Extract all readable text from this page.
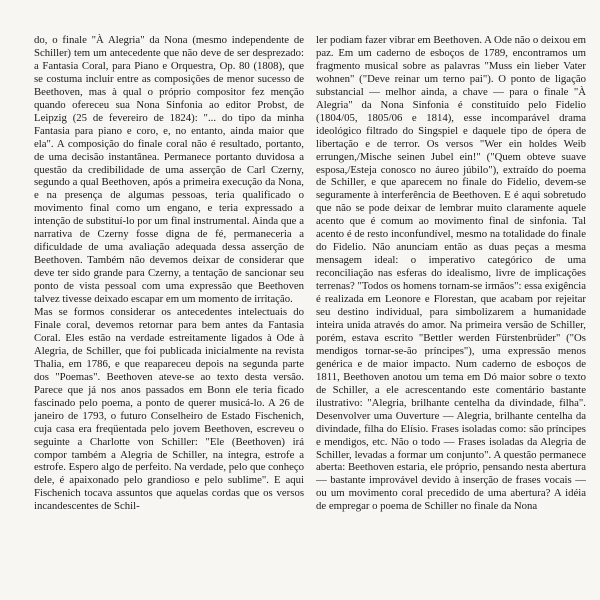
do, o finale "À Alegria" da Nona (mesmo independente de Schiller) tem um antecedente que não deve de ser desprezado: a Fantasia Coral, para Piano e Orquestra, Op. 80 (1808), que se costuma incluir entre as composições de menor sucesso de Beethoven, mas à qual o próprio compositor fez menção quando ofereceu sua Nona Sinfonia ao editor Probst, de Leipzig (25 de fevereiro de 1824): "... do tipo da minha Fantasia para piano e coro, e, no entanto, ainda maior que ela". A composição do finale coral não é resultado, portanto, de uma decisão instantânea. Permanece portanto duvidosa a questão da credibilidade de uma asserção de Carl Czerny, segundo a qual Beethoven, após a primeira execução da Nona, e na presença de algumas pessoas, teria qualificado o movimento final como um engano, e teria expressado a intenção de substituí-lo por um final instrumental. Ainda que a narrativa de Czerny fosse digna de fé, permaneceria a dificuldade de uma avaliação adequada dessa asserção de Beethoven. Também não devemos deixar de considerar que deve ter sido grande para Czerny, a tentação de sancionar seu ponto de vista pessoal com uma expressão que Beethoven talvez tivesse deixado escapar em um momento de irritação.

Mas se formos considerar os antecedentes intelectuais do Finale coral, devemos retornar para bem antes da Fantasia Coral. Eles estão na verdade estreitamente ligados à Ode à Alegria, de Schiller, que foi publicada inicialmente na revista Thalia, em 1786, e que reapareceu depois na segunda parte dos "Poemas". Beethoven ateve-se ao texto desta versão. Parece que já nos anos passados em Bonn ele teria ficado fascinado pelo poema, a ponto de querer musicá-lo. A 26 de janeiro de 1793, o futuro Conselheiro de Estado Fischenich, cuja casa era freqüentada pelo jovem Beethoven, escreveu o seguinte a Charlotte von Schiller: "Ele (Beethoven) irá compor também a Alegria de Schiller, na íntegra, estrofe a estrofe. Espero algo de perfeito. Na verdade, pelo que conheço dele, é apaixonado pelo grandioso e pelo sublime". E aqui Fischenich tocava assuntos que aquelas cordas que os versos incandescentes de Schil-

ler podiam fazer vibrar em Beethoven. A Ode não o deixou em paz. Em um caderno de esboços de 1789, encontramos um fragmento musical sobre as palavras "Muss ein lieber Vater wohnen" ("Deve reinar um terno pai"). O ponto de ligação substancial — melhor ainda, a chave — para o finale "À Alegria" da Nona Sinfonia é constituído pelo Fidelio (1804/05, 1805/06 e 1814), esse incomparável drama ideológico filtrado do Singspiel e daquele tipo de ópera de libertação e de terror. Os versos "Wer ein holdes Weib errungen,/Mische seinen Jubel ein!" ("Quem obteve suave esposa,/Esteja conosco no áureo júbilo"), extraído do poema de Schiller, e que aparecem no finale do Fidelio, devem-se seguramente à interferência de Beethoven. E é aqui sobretudo que não se pode deixar de lembrar muito claramente aquele acento que é comum ao movimento final de sinfonia. Tal acento é de resto inconfundível, mesmo na totalidade do finale do Fidelio. Não anunciam então as duas peças a mesma mensagem ideal: o imperativo categórico de uma reconciliação nas esferas do idealismo, livre de implicações terrenas? "Todos os homens tornam-se irmãos": essa exigência é realizada em Leonore e Florestan, que acabam por rejeitar seu destino individual, para simbolizarem a humanidade inteira unida através do amor. Na primeira versão de Schiller, porém, estava escrito "Bettler werden Fürstenbrüder" ("Os mendigos tornar-se-ão príncipes"), uma expressão menos genérica e de maior impacto. Num caderno de esboços de 1811, Beethoven anotou um tema em Dó maior sobre o texto de Schiller, a ele acrescentando este comentário bastante ilustrativo: "Alegria, brilhante centelha da divindade, filha". Desenvolver uma Ouverture — Alegria, brilhante centelha da divindade, filha do Elísio. Frases isoladas como: são príncipes e mendigos, etc. Não o todo — Frases isoladas da Alegria de Schiller, levadas a formar um conjunto". A questão permanece aberta: Beethoven estaria, ele próprio, pensando nesta abertura — bastante improvável devido à inserção de frases vocais — ou um movimento coral precedido de uma abertura? A idéia de empregar o poema de Schiller no finale da Nona
